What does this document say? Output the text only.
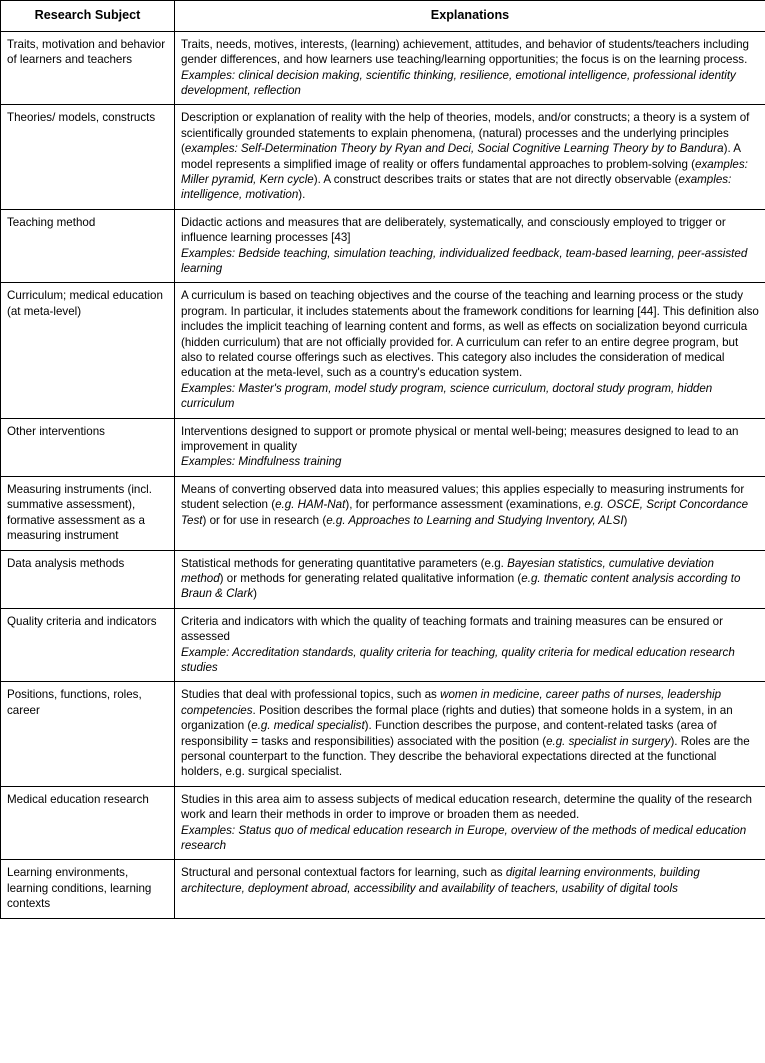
Research Subject	Explanations
Traits, motivation and behavior of learners and teachers	Traits, needs, motives, interests, (learning) achievement, attitudes, and behavior of students/teachers including gender differences, and how learners use teaching/learning opportunities; the focus is on the learning process.
Examples: clinical decision making, scientific thinking, resilience, emotional intelligence, professional identity development, reflection

Theories/ models, constructs	Description or explanation of reality with the help of theories, models, and/or constructs; a theory is a system of scientifically grounded statements to explain phenomena, (natural) processes and the underlying principles (examples: Self-Determination Theory by Ryan and Deci, Social Cognitive Learning Theory by to Bandura). A model represents a simplified image of reality or offers fundamental approaches to problem-solving (examples: Miller pyramid, Kern cycle). A construct describes traits or states that are not directly observable (examples: intelligence, motivation).

Teaching method	Didactic actions and measures that are deliberately, systematically, and consciously employed to trigger or influence learning processes [43]
Examples: Bedside teaching, simulation teaching, individualized feedback, team-based learning, peer-assisted learning

Curriculum; medical education (at meta-level)	A curriculum is based on teaching objectives and the course of the teaching and learning process or the study program. In particular, it includes statements about the framework conditions for learning [44]. This definition also includes the implicit teaching of learning content and forms, as well as effects on socialization beyond curricula (hidden curriculum) that are not officially provided for. A curriculum can refer to an entire degree program, but also to related course offerings such as electives. This category also includes the consideration of medical education at the meta-level, such as a country's education system.
Examples: Master's program, model study program, science curriculum, doctoral study program, hidden curriculum

Other interventions	Interventions designed to support or promote physical or mental well-being; measures designed to lead to an improvement in quality
Examples: Mindfulness training

Measuring instruments (incl. summative assessment), formative assessment as a measuring instrument	Means of converting observed data into measured values; this applies especially to measuring instruments for student selection (e.g. HAM-Nat), for performance assessment (examinations, e.g. OSCE, Script Concordance Test) or for use in research (e.g. Approaches to Learning and Studying Inventory, ALSI)

Data analysis methods	Statistical methods for generating quantitative parameters (e.g. Bayesian statistics, cumulative deviation method) or methods for generating related qualitative information (e.g. thematic content analysis according to Braun & Clark)

Quality criteria and indicators	Criteria and indicators with which the quality of teaching formats and training measures can be ensured or assessed
Example: Accreditation standards, quality criteria for teaching, quality criteria for medical education research studies

Positions, functions, roles, career	Studies that deal with professional topics, such as women in medicine, career paths of nurses, leadership competencies. Position describes the formal place (rights and duties) that someone holds in a system, in an organization (e.g. medical specialist). Function describes the purpose, and content-related tasks (area of responsibility = tasks and responsibilities) associated with the position (e.g. specialist in surgery). Roles are the personal counterpart to the function. They describe the behavioral expectations directed at the functional holders, e.g. surgical specialist.

Medical education research	Studies in this area aim to assess subjects of medical education research, determine the quality of the research work and learn their methods in order to improve or broaden them as needed.
Examples: Status quo of medical education research in Europe, overview of the methods of medical education research

Learning environments, learning conditions, learning contexts	Structural and personal contextual factors for learning, such as digital learning environments, building architecture, deployment abroad, accessibility and availability of teachers, usability of digital tools
